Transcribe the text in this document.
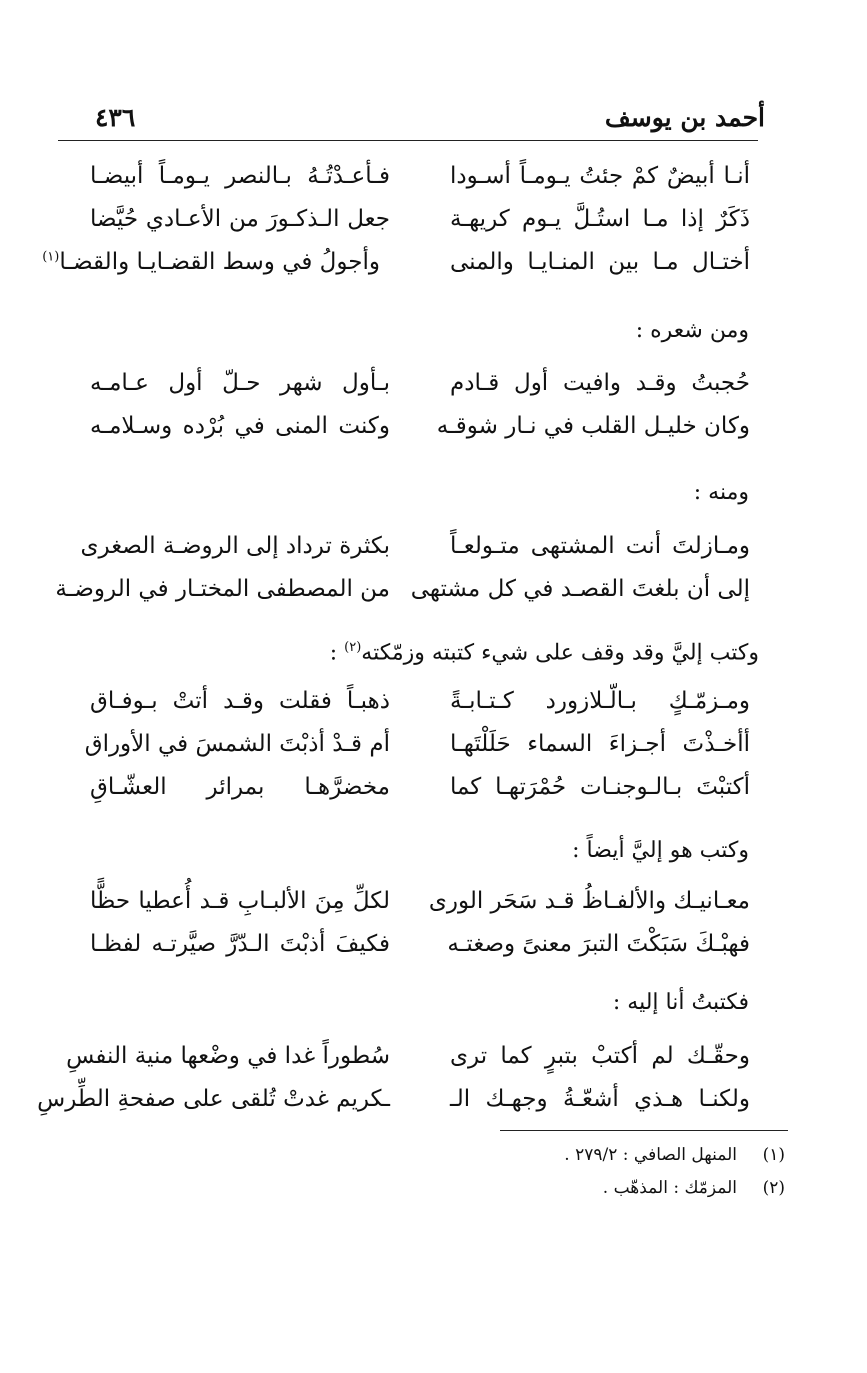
أحمد بن يوسف
٤٣٦
أنـا أبيضٌ كمْ جئتُ يـومـاً أسـودا
فـأعـدْتُـهُ بـالنصر يـومـاً أبيضـا
ذَكَرٌ إذا مـا استُـلَّ يـوم كريهـة
جعل الـذكـورَ من الأعـادي حُيَّضا
أختـال مـا بين المنـايـا والمنى
وأجولُ في وسط القضـايـا والقضـا$^{(١)}$
ومن شعره :
حُجبتُ وقـد وافيت أول قـادم
بـأول شهر حـلّ أول عـامـه
وكان خليـل القلب في نـار شوقـه
وكنت المنى في بُرْده وسـلامـه
ومنه :
ومـازلتَ أنت المشتهى متـولعـاً
بكثرة ترداد إلى الروضـة الصغرى
إلى أن بلغتَ القصـد في كل مشتهى
من المصطفى المختـار في الروضـة
وكتب إليَّ وقد وقف على شيء كتبته وزمّكته$^{(٢)}$ :
ومـزمّـكٍ بـالّـلازورد كـتـابـةً
ذهبـاً فقلت وقـد أتتْ بـوفـاق
أأخـذْتَ أجـزاءَ السماء حَلَلْتَهـا
أم قـدْ أذبْتَ الشمسَ في الأوراق
أكتبْتَ بـالـوجنـات حُمْرَتهـا كما
مخضرَّهـا بمرائر العشّـاقِ
وكتب هو إليَّ أيضاً :
معـانيـك والألفـاظُ قـد سَحَر الورى
لكلِّ مِنَ الألبـابِ قـد أُعطيا حظًّا
فهبْـكَ سَبَكْتَ التبرَ معنىً وصغتـه
فكيفَ أذبْتَ الـدّرَّ صيَّرتـه لفظـا
فكتبتُ أنا إليه :
وحقّـك لم أكتبْ بتبرٍ كما ترى
سُطوراً غدا في وضْعها منية النفسِ
ولكنـا هـذي أشعّـةُ وجهـك الـ
ـكريم غدتْ تُلقى على صفحةِ الطِّرسِ
(١)المنهل الصافي : ٢٧٩/٢ .
(٢)المزمّك : المذهّب .
